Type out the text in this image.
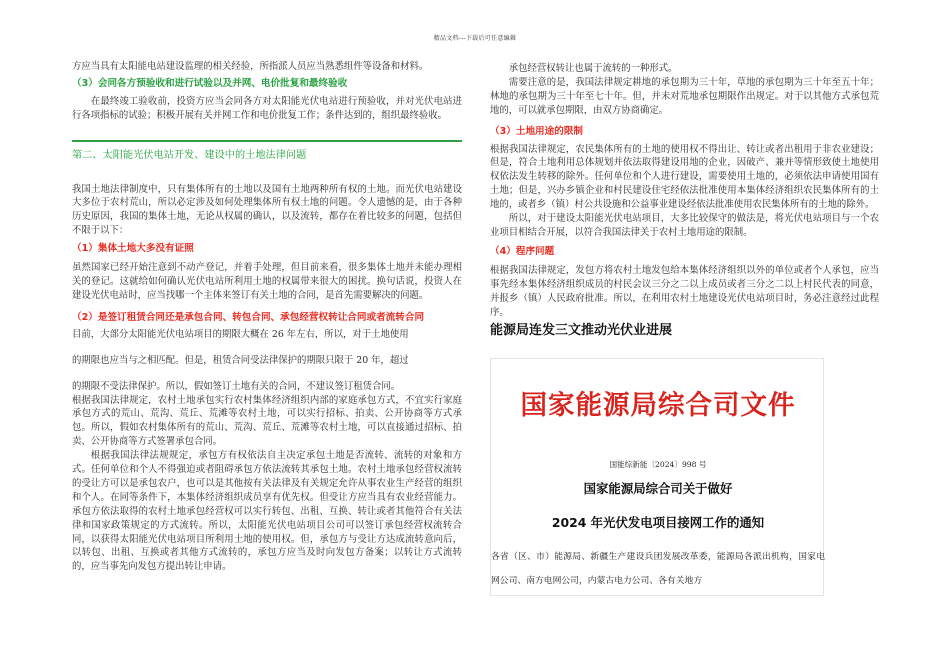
精品文档---下载后可任意编辑

方应当具有太阳能电站建设监理的相关经验，所指派人员应当熟悉组件等设备和材料。

（3）会同各方预验收和进行试验以及并网、电价批复和最终验收

在最终竣工验收前，投资方应当会同各方对太阳能光伏电站进行预验收，并对光伏电站进行各项指标的试验；积极开展有关并网工作和电价批复工作；条件达到的，组织最终验收。

第二、太阳能光伏电站开发、建设中的土地法律问题

我国土地法律制度中，只有集体所有的土地以及国有土地两种所有权的土地。而光伏电站建设大多位于农村荒山，所以必定涉及如何处理集体所有权土地的问题。令人遗憾的是，由于各种历史原因，我国的集体土地，无论从权属的确认，以及流转，都存在着比较多的问题，包括但不限于以下：

（1）集体土地大多没有证照

虽然国家已经开始注意到不动产登记，并着手处理，但目前来看，很多集体土地并未能办理相关的登记。这就给如何确认光伏电站所利用土地的权属带来很大的困扰。换句话说，投资人在建设光伏电站时，应当找哪一个主体来签订有关土地的合同，是首先需要解决的问题。

（2）是签订租赁合同还是承包合同、转包合同、承包经营权转让合同或者流转合同

目前，大部分太阳能光伏电站项目的期限大概在 26 年左右，所以，对于土地使用

的期限也应当与之相匹配。但是，租赁合同受法律保护的期限只限于 20 年，超过

的期限不受法律保护。所以，假如签订土地有关的合同，不建议签订租赁合同。

根据我国法律规定，农村土地承包实行农村集体经济组织内部的家庭承包方式，不宜实行家庭承包方式的荒山、荒沟、荒丘、荒滩等农村土地，可以实行招标、拍卖、公开协商等方式承包。所以，假如农村集体所有的荒山、荒沟、荒丘、荒滩等农村土地，可以直接通过招标、拍卖、公开协商等方式签署承包合同。

根据我国法律法规规定，承包方有权依法自主决定承包土地是否流转、流转的对象和方式。任何单位和个人不得强迫或者阻碍承包方依法流转其承包土地。农村土地承包经营权流转的受让方可以是承包农户，也可以是其他按有关法律及有关规定允许从事农业生产经营的组织和个人。在同等条件下，本集体经济组织成员享有优先权。但受让方应当具有农业经营能力。承包方依法取得的农村土地承包经营权可以实行转包、出租、互换、转让或者其他符合有关法律和国家政策规定的方式流转。所以，太阳能光伏电站项目公司可以签订承包经营权流转合同，以获得太阳能光伏电站项目所利用土地的使用权。但，承包方与受让方达成流转意向后，以转包、出租、互换或者其他方式流转的，承包方应当及时向发包方备案；以转让方式流转的，应当事先向发包方提出转让申请。

承包经营权转让也属于流转的一种形式。

需要注意的是，我国法律规定耕地的承包期为三十年，草地的承包期为三十年至五十年；林地的承包期为三十年至七十年。但，并未对荒地承包期限作出规定。对于以其他方式承包荒地的，可以就承包期限，由双方协商确定。

（3）土地用途的限制

根据我国法律规定，农民集体所有的土地的使用权不得出让、转让或者出租用于非农业建设；但是，符合土地利用总体规划并依法取得建设用地的企业，因破产、兼并等情形致使土地使用权依法发生转移的除外。任何单位和个人进行建设，需要使用土地的，必须依法申请使用国有土地；但是，兴办乡镇企业和村民建设住宅经依法批准使用本集体经济组织农民集体所有的土地的，或者乡（镇）村公共设施和公益事业建设经依法批准使用农民集体所有的土地的除外。

所以，对于建设太阳能光伏电站项目，大多比较保守的做法是，将光伏电站项目与一个农业项目相结合开展，以符合我国法律关于农村土地用途的限制。

（4）程序问题

根据我国法律规定，发包方将农村土地发包给本集体经济组织以外的单位或者个人承包，应当事先经本集体经济组织成员的村民会议三分之二以上成员或者三分之二以上村民代表的同意，并报乡（镇）人民政府批准。所以，在利用农村土地建设光伏电站项目时，务必注意经过此程序。

能源局连发三文推动光伏业进展
国家能源局综合司文件
国能综新能〔2024〕998 号
国家能源局综合司关于做好
2024 年光伏发电项目接网工作的通知
各省（区、市）能源局、新疆生产建设兵团发展改革委，能源局各派出机构，国家电网公司、南方电网公司，内蒙古电力公司、各有关地方
